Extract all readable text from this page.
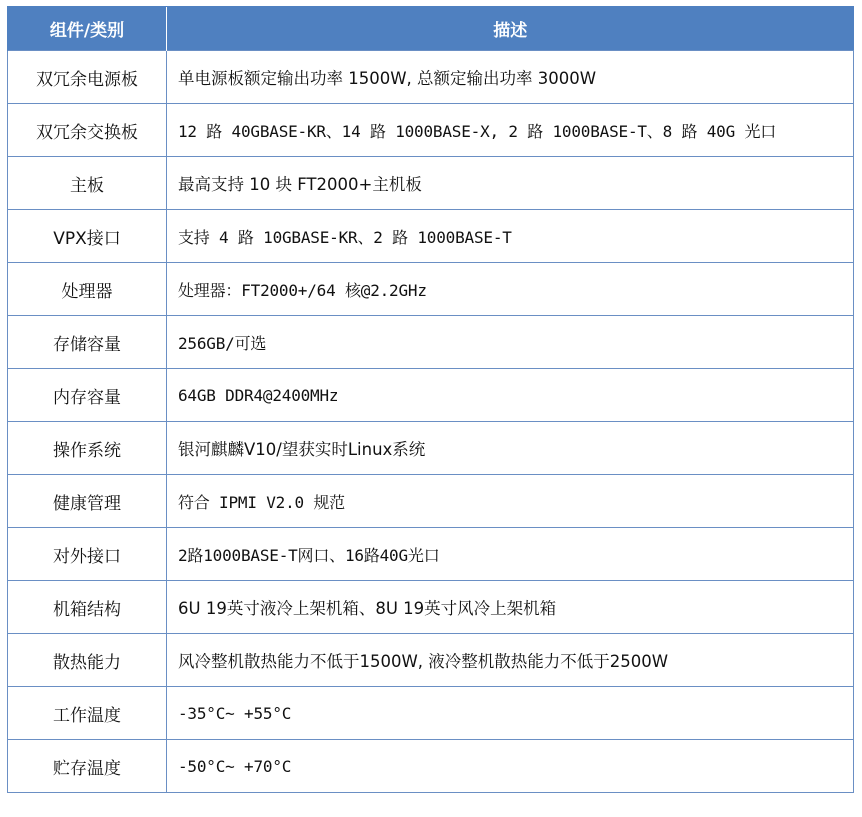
组件/类别	描述
双冗余电源板	单电源板额定输出功率 1500W, 总额定输出功率 3000W
双冗余交换板	12 路 40GBASE-KR、14 路 1000BASE-X, 2 路 1000BASE-T、8 路 40G 光口
主板	最高支持 10 块 FT2000+主机板
VPX接口	支持 4 路 10GBASE-KR、2 路 1000BASE-T
处理器	处理器：FT2000+/64 核@2.2GHz
存储容量	256GB/可选
内存容量	64GB DDR4@2400MHz
操作系统	银河麒麟V10/望获实时Linux系统
健康管理	符合 IPMI V2.0 规范
对外接口	2路1000BASE-T网口、16路40G光口
机箱结构	6U 19英寸液冷上架机箱、8U 19英寸风冷上架机箱
散热能力	风冷整机散热能力不低于1500W, 液冷整机散热能力不低于2500W
工作温度	-35°C~ +55°C
贮存温度	-50°C~ +70°C
